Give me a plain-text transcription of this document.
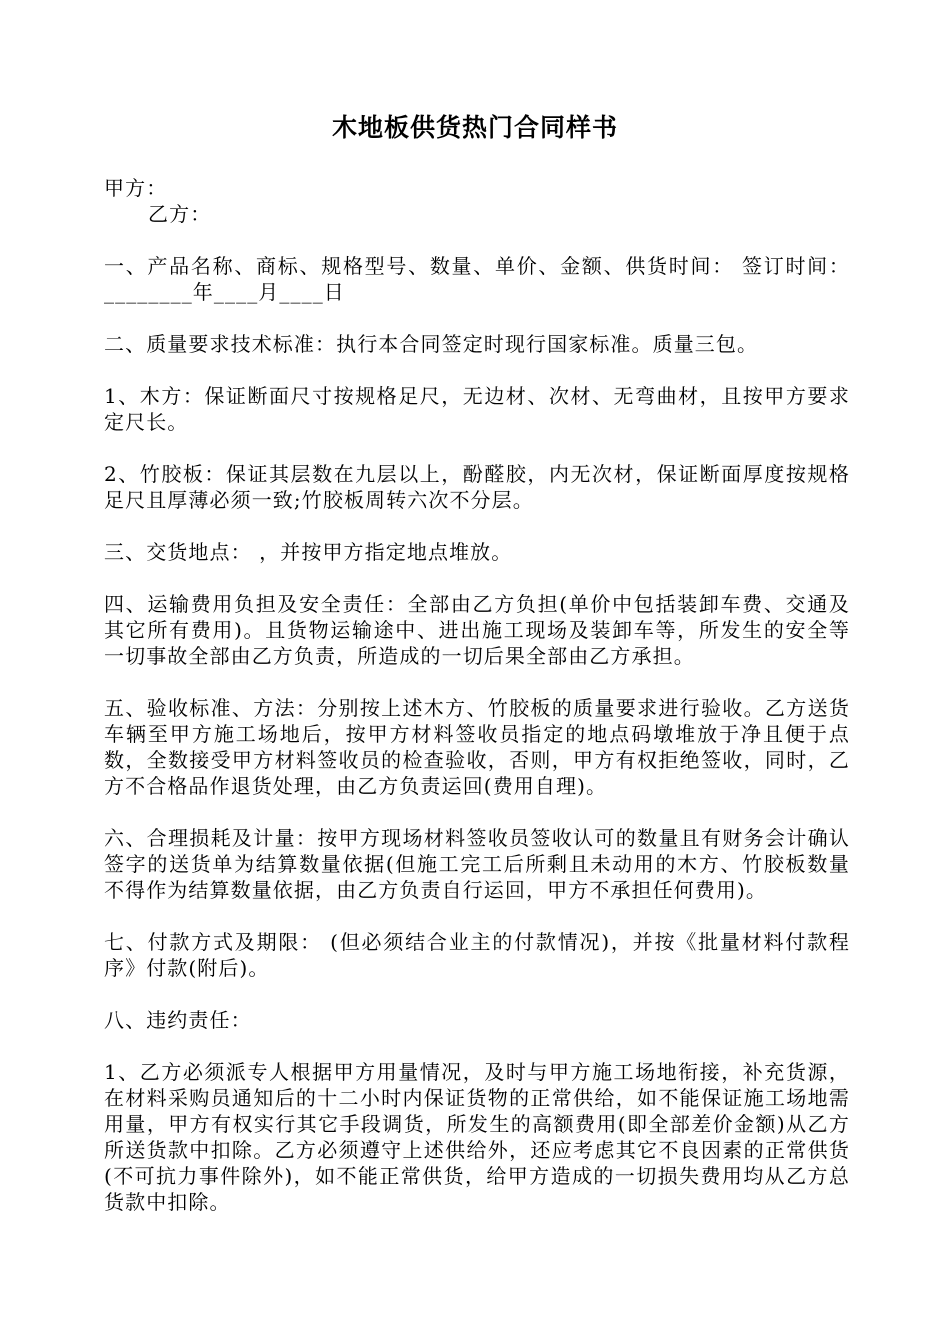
木地板供货热门合同样书

甲方：

乙方：

一、产品名称、商标、规格型号、数量、单价、金额、供货时间： 签订时间：________年____月____日

二、质量要求技术标准：执行本合同签定时现行国家标准。质量三包。

1、木方：保证断面尺寸按规格足尺，无边材、次材、无弯曲材，且按甲方要求定尺长。

2、竹胶板：保证其层数在九层以上，酚醛胶，内无次材，保证断面厚度按规格足尺且厚薄必须一致;竹胶板周转六次不分层。

三、交货地点： ，并按甲方指定地点堆放。

四、运输费用负担及安全责任：全部由乙方负担(单价中包括装卸车费、交通及其它所有费用)。且货物运输途中、进出施工现场及装卸车等，所发生的安全等一切事故全部由乙方负责，所造成的一切后果全部由乙方承担。

五、验收标准、方法：分别按上述木方、竹胶板的质量要求进行验收。乙方送货车辆至甲方施工场地后，按甲方材料签收员指定的地点码墩堆放于净且便于点数，全数接受甲方材料签收员的检查验收，否则，甲方有权拒绝签收，同时，乙方不合格品作退货处理，由乙方负责运回(费用自理)。

六、合理损耗及计量：按甲方现场材料签收员签收认可的数量且有财务会计确认签字的送货单为结算数量依据(但施工完工后所剩且未动用的木方、竹胶板数量不得作为结算数量依据，由乙方负责自行运回，甲方不承担任何费用)。

七、付款方式及期限： (但必须结合业主的付款情况)，并按《批量材料付款程序》付款(附后)。

八、违约责任：

1、乙方必须派专人根据甲方用量情况，及时与甲方施工场地衔接，补充货源，在材料采购员通知后的十二小时内保证货物的正常供给，如不能保证施工场地需用量，甲方有权实行其它手段调货，所发生的高额费用(即全部差价金额)从乙方所送货款中扣除。乙方必须遵守上述供给外，还应考虑其它不良因素的正常供货(不可抗力事件除外)，如不能正常供货，给甲方造成的一切损失费用均从乙方总货款中扣除。
